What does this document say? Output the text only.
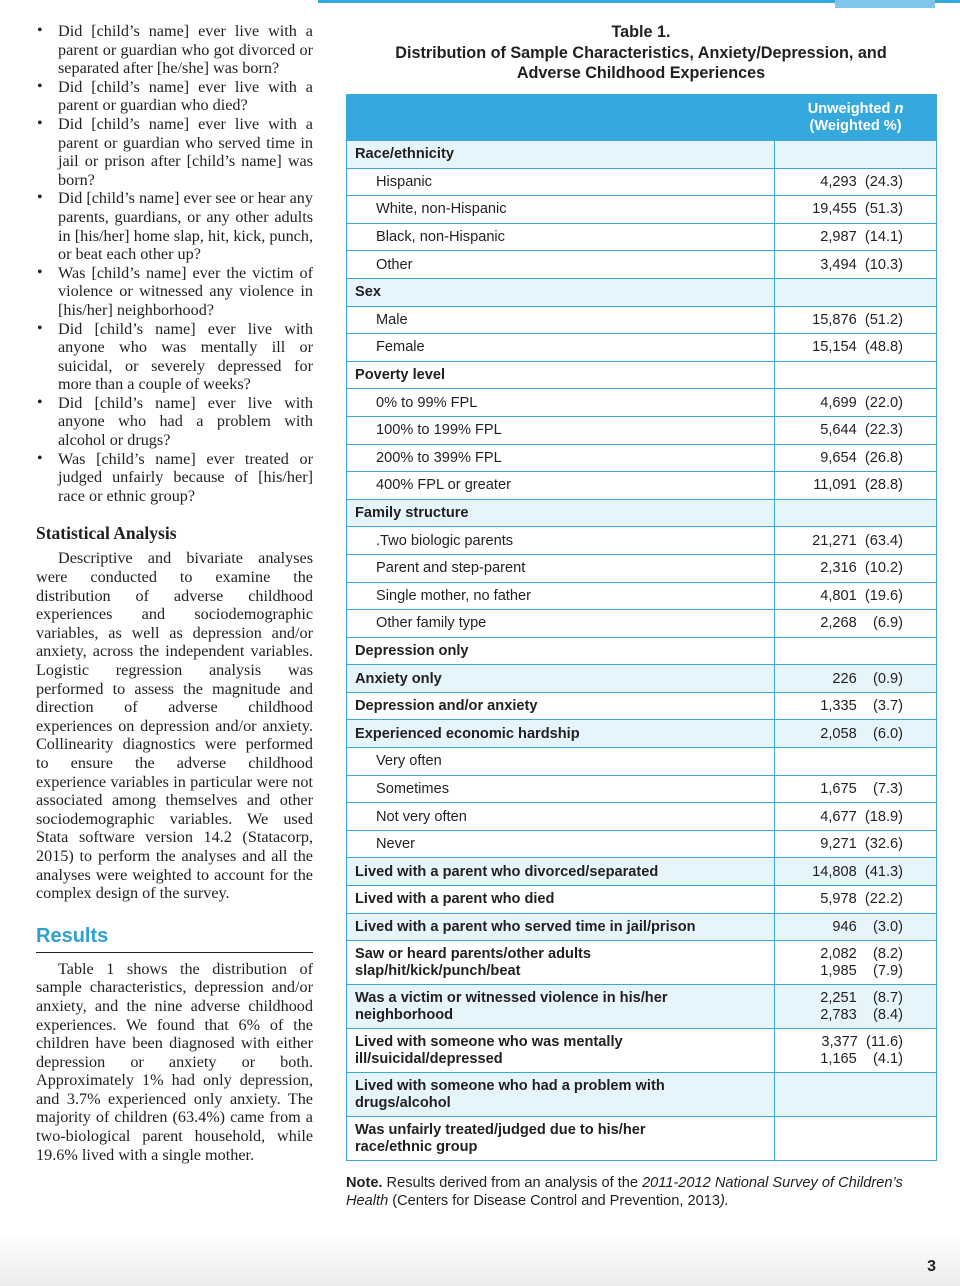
• Did [child’s name] ever live with a parent or guardian who got divorced or separated after [he/she] was born?
• Did [child’s name] ever live with a parent or guardian who died?
• Did [child’s name] ever live with a parent or guardian who served time in jail or prison after [child’s name] was born?
• Did [child’s name] ever see or hear any parents, guardians, or any other adults in [his/her] home slap, hit, kick, punch, or beat each other up?
• Was [child’s name] ever the victim of violence or witnessed any violence in [his/her] neighborhood?
• Did [child’s name] ever live with anyone who was mentally ill or suicidal, or severely depressed for more than a couple of weeks?
• Did [child’s name] ever live with anyone who had a problem with alcohol or drugs?
• Was [child’s name] ever treated or judged unfairly because of [his/her] race or ethnic group?
Statistical Analysis

Descriptive and bivariate analyses were conducted to examine the distribution of adverse childhood experiences and sociodemographic variables, as well as depression and/or anxiety, across the independent variables. Logistic regression analysis was performed to assess the magnitude and direction of adverse childhood experiences on depression and/or anxiety. Collinearity diagnostics were performed to ensure the adverse childhood experience variables in particular were not associated among themselves and other sociodemographic variables. We used Stata software version 14.2 (Statacorp, 2015) to perform the analyses and all the analyses were weighted to account for the complex design of the survey.

Results

Table 1 shows the distribution of sample characteristics, depression and/or anxiety, and the nine adverse childhood experiences. We found that 6% of the children have been diagnosed with either depression or anxiety or both. Approximately 1% had only depression, and 3.7% experienced only anxiety. The majority of children (63.4%) came from a two-biological parent household, while 19.6% lived with a single mother.

Table 1.
Distribution of Sample Characteristics, Anxiety/Depression, and
Adverse Childhood Experiences
	Unweighted n
(Weighted %)
Race/ethnicity	
Hispanic	4,293  (24.3)
White, non-Hispanic	19,455  (51.3)
Black, non-Hispanic	2,987  (14.1)
Other	3,494  (10.3)
Sex	
Male	15,876  (51.2)
Female	15,154  (48.8)
Poverty level	
0% to 99% FPL	4,699  (22.0)
100% to 199% FPL	5,644  (22.3)
200% to 399% FPL	9,654  (26.8)
400% FPL or greater	11,091  (28.8)
Family structure	
.Two biologic parents	21,271  (63.4)
Parent and step-parent	2,316  (10.2)
Single mother, no father	4,801  (19.6)
Other family type	2,268    (6.9)
Depression only	
Anxiety only	226    (0.9)
Depression and/or anxiety	1,335    (3.7)
Experienced economic hardship	2,058    (6.0)
Very often	
Sometimes	1,675    (7.3)
Not very often	4,677  (18.9)
Never	9,271  (32.6)
Lived with a parent who divorced/separated	14,808  (41.3)
Lived with a parent who died	5,978  (22.2)
Lived with a parent who served time in jail/prison	946    (3.0)
Saw or heard parents/other adults
slap/hit/kick/punch/beat	2,082    (8.2)
1,985    (7.9)
Was a victim or witnessed violence in his/her
neighborhood	2,251    (8.7)
2,783    (8.4)
Lived with someone who was mentally
ill/suicidal/depressed	3,377  (11.6)
1,165    (4.1)
Lived with someone who had a problem with
drugs/alcohol	

Was unfairly treated/judged due to his/her
race/ethnic group	

Note. Results derived from an analysis of the 2011-2012 National Survey of Children’s Health (Centers for Disease Control and Prevention, 2013).
3
